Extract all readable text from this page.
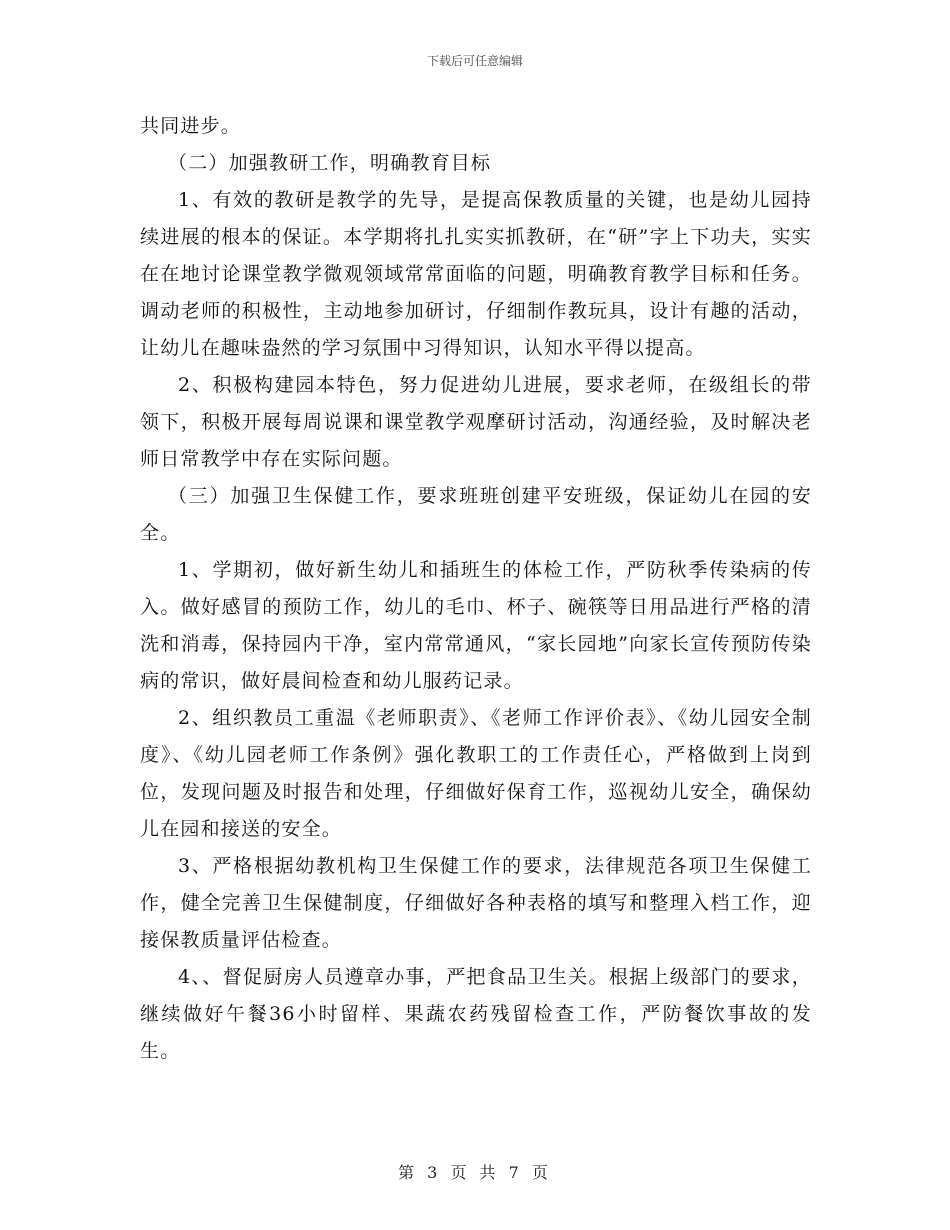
下载后可任意编辑

共同进步。

（二）加强教研工作，明确教育目标

1、有效的教研是教学的先导，是提高保教质量的关键，也是幼儿园持续进展的根本的保证。本学期将扎扎实实抓教研，在“研”字上下功夫，实实在在地讨论课堂教学微观领域常常面临的问题，明确教育教学目标和任务。调动老师的积极性，主动地参加研讨，仔细制作教玩具，设计有趣的活动，让幼儿在趣味盎然的学习氛围中习得知识，认知水平得以提高。

2、积极构建园本特色，努力促进幼儿进展，要求老师，在级组长的带领下，积极开展每周说课和课堂教学观摩研讨活动，沟通经验，及时解决老师日常教学中存在实际问题。

（三）加强卫生保健工作，要求班班创建平安班级，保证幼儿在园的安全。

1、学期初，做好新生幼儿和插班生的体检工作，严防秋季传染病的传入。做好感冒的预防工作，幼儿的毛巾、杯子、碗筷等日用品进行严格的清洗和消毒，保持园内干净，室内常常通风，“家长园地”向家长宣传预防传染病的常识，做好晨间检查和幼儿服药记录。

2、组织教员工重温《老师职责》、《老师工作评价表》、《幼儿园安全制度》、《幼儿园老师工作条例》强化教职工的工作责任心，严格做到上岗到位，发现问题及时报告和处理，仔细做好保育工作，巡视幼儿安全，确保幼儿在园和接送的安全。

3、严格根据幼教机构卫生保健工作的要求，法律规范各项卫生保健工作，健全完善卫生保健制度，仔细做好各种表格的填写和整理入档工作，迎接保教质量评估检查。

4、、督促厨房人员遵章办事，严把食品卫生关。根据上级部门的要求，继续做好午餐36小时留样、果蔬农药残留检查工作，严防餐饮事故的发生。

第 3 页 共 7 页
